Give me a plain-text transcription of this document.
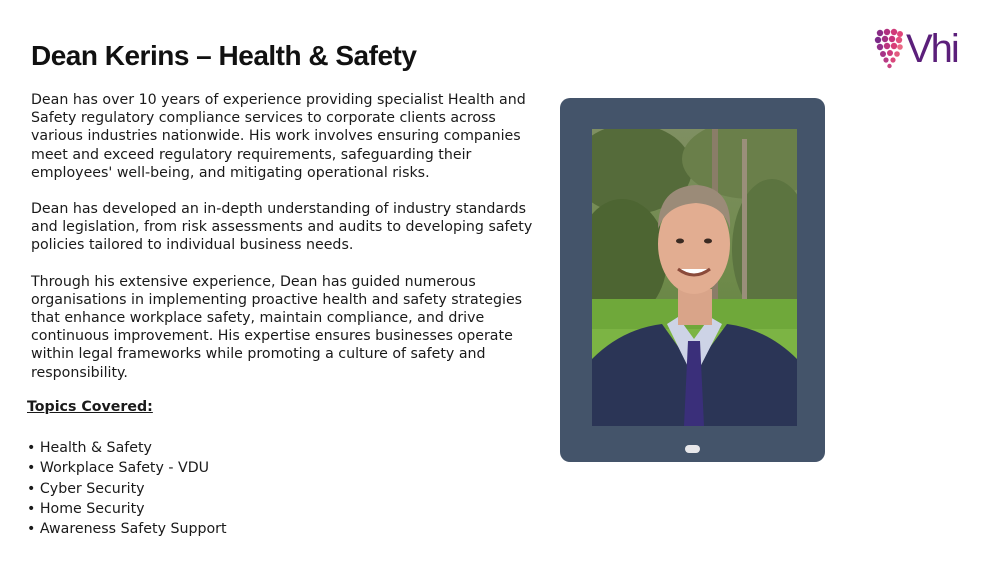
Dean Kerins – Health & Safety	Vhi

Dean has over 10 years of experience providing specialist Health and Safety regulatory compliance services to corporate clients across various industries nationwide. His work involves ensuring companies meet and exceed regulatory requirements, safeguarding their employees' well-being, and mitigating operational risks.

Dean has developed an in-depth understanding of industry standards and legislation, from risk assessments and audits to developing safety policies tailored to individual business needs.

Through his extensive experience, Dean has guided numerous organisations in implementing proactive health and safety strategies that enhance workplace safety, maintain compliance, and drive continuous improvement. His expertise ensures businesses operate within legal frameworks while promoting a culture of safety and responsibility.

Topics Covered:
• Health & Safety
• Workplace Safety - VDU
• Cyber Security
• Home Security
• Awareness Safety Support
